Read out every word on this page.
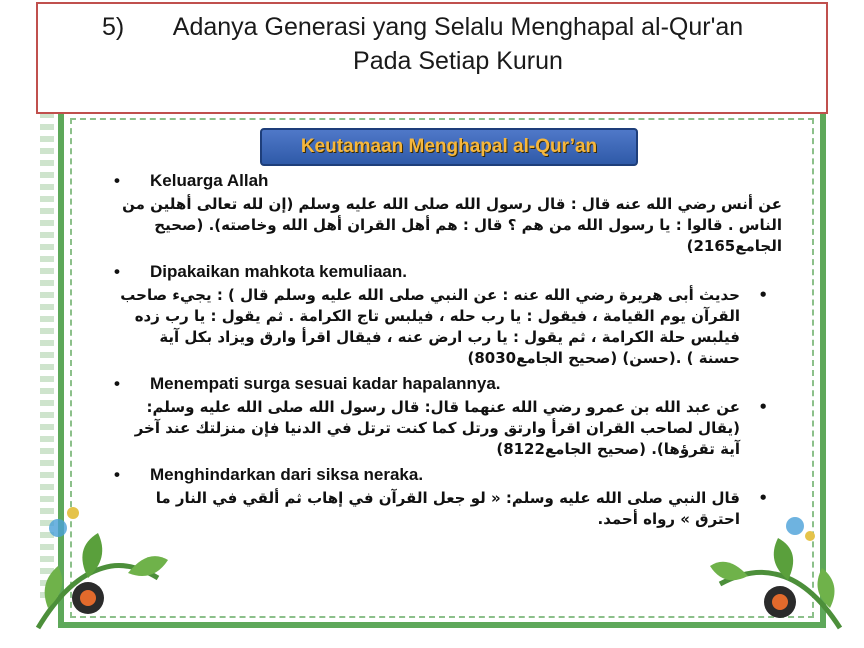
5)	Adanya Generasi yang Selalu Menghapal al-Qur'an
Pada Setiap Kurun
Keutamaan Menghapal al-Qur’an
• Keluarga Allah
عن أنس رضي الله عنه قال : قال رسول الله صلى الله عليه وسلم (إن لله تعالى أهلين من الناس . قالوا : يا رسول الله من هم ؟ قال : هم أهل القران أهل الله وخاصته). (صحيح الجامع2165)
• Dipakaikan mahkota kemuliaan.
•
حديث أبى هريرة رضي الله عنه : عن النبي صلى الله عليه وسلم قال ) : يجيء صاحب القرآن يوم القيامة ، فيقول : يا رب حله ، فيلبس تاج الكرامة . ثم يقول : يا رب زده فيلبس حلة الكرامة ، ثم يقول : يا رب ارض عنه ، فيقال اقرأ وارق ويزاد بكل آية حسنة ) .(حسن) (صحيح الجامع8030)
• Menempati surga sesuai kadar hapalannya.
•
عن عبد الله بن عمرو رضي الله عنهما قال: قال رسول الله صلى الله عليه وسلم: (يقال لصاحب القران اقرأ وارتق ورتل كما كنت ترتل في الدنيا فإن منزلتك عند آخر آية تقرؤها). (صحيح الجامع8122)
• Menghindarkan dari siksa neraka.
•
قال النبي صلى الله عليه وسلم: « لو جعل القرآن في إهاب ثم ألقي في النار ما احترق » رواه أحمد.
